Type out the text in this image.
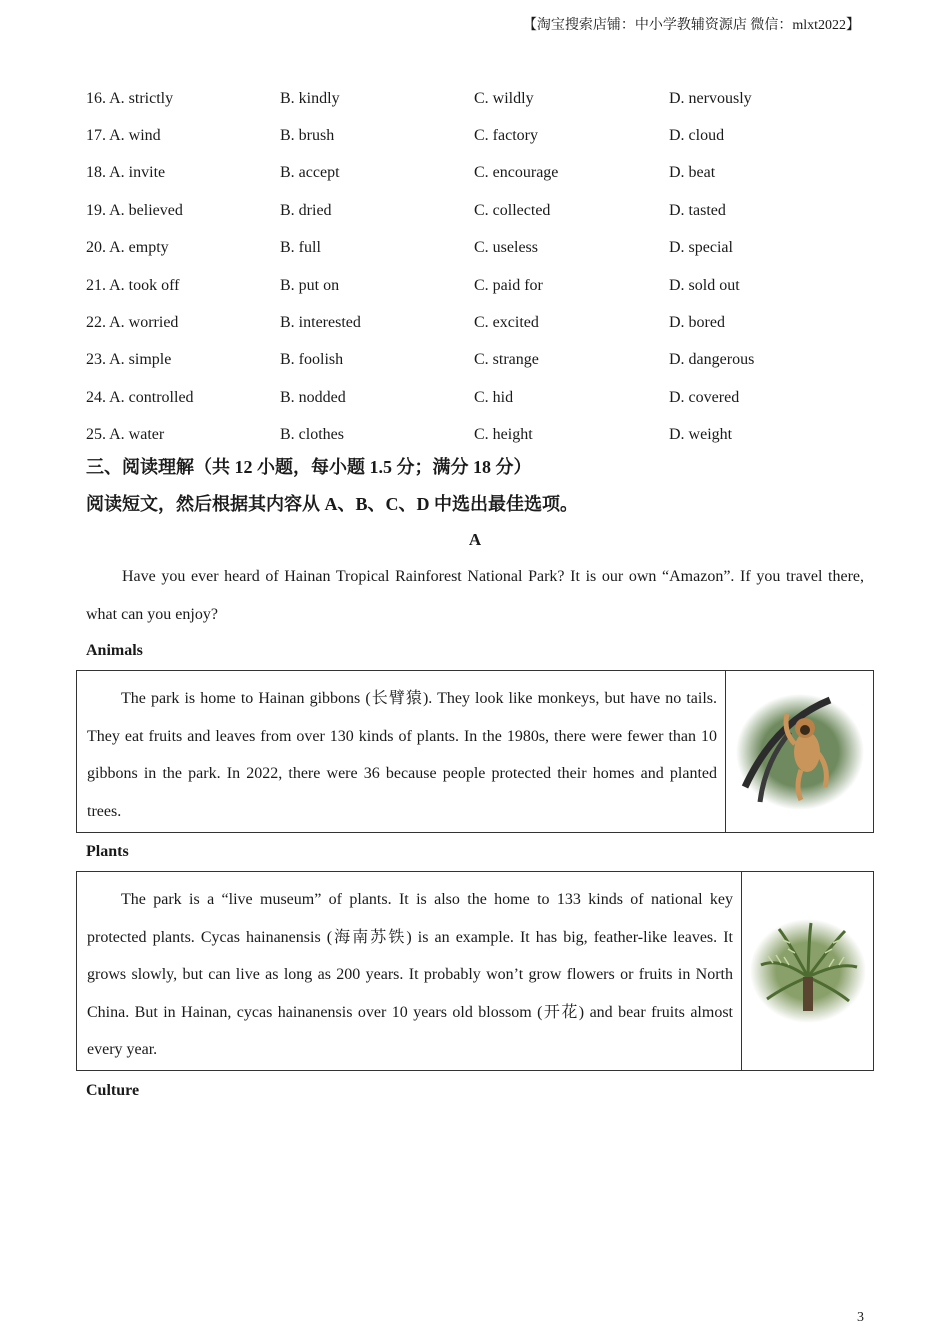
【淘宝搜索店铺：中小学教辅资源店 微信：mlxt2022】
16. A. strictly	B. kindly	C. wildly	D. nervously
17. A. wind	B. brush	C. factory	D. cloud
18. A. invite	B. accept	C. encourage	D. beat
19. A. believed	B. dried	C. collected	D. tasted
20. A. empty	B. full	C. useless	D. special
21. A. took off	B. put on	C. paid for	D. sold out
22. A. worried	B. interested	C. excited	D. bored
23. A. simple	B. foolish	C. strange	D. dangerous
24. A. controlled	B. nodded	C. hid	D. covered
25. A. water	B. clothes	C. height	D. weight
三、阅读理解（共 12 小题，每小题 1.5 分；满分 18 分）
阅读短文，然后根据其内容从 A、B、C、D 中选出最佳选项。
A
Have you ever heard of Hainan Tropical Rainforest National Park? It is our own “Amazon”. If you travel there, what can you enjoy?
Animals
The park is home to Hainan gibbons (长臂猿). They look like monkeys, but have no tails. They eat fruits and leaves from over 130 kinds of plants. In the 1980s, there were fewer than 10 gibbons in the park. In 2022, there were 36 because people protected their homes and planted trees.
Plants
The park is a “live museum” of plants. It is also the home to 133 kinds of national key protected plants. Cycas hainanensis (海南苏铁) is an example. It has big, feather-like leaves. It grows slowly, but can live as long as 200 years. It probably won’t grow flowers or fruits in North China. But in Hainan, cycas hainanensis over 10 years old blossom (开花) and bear fruits almost every year.
Culture
3
